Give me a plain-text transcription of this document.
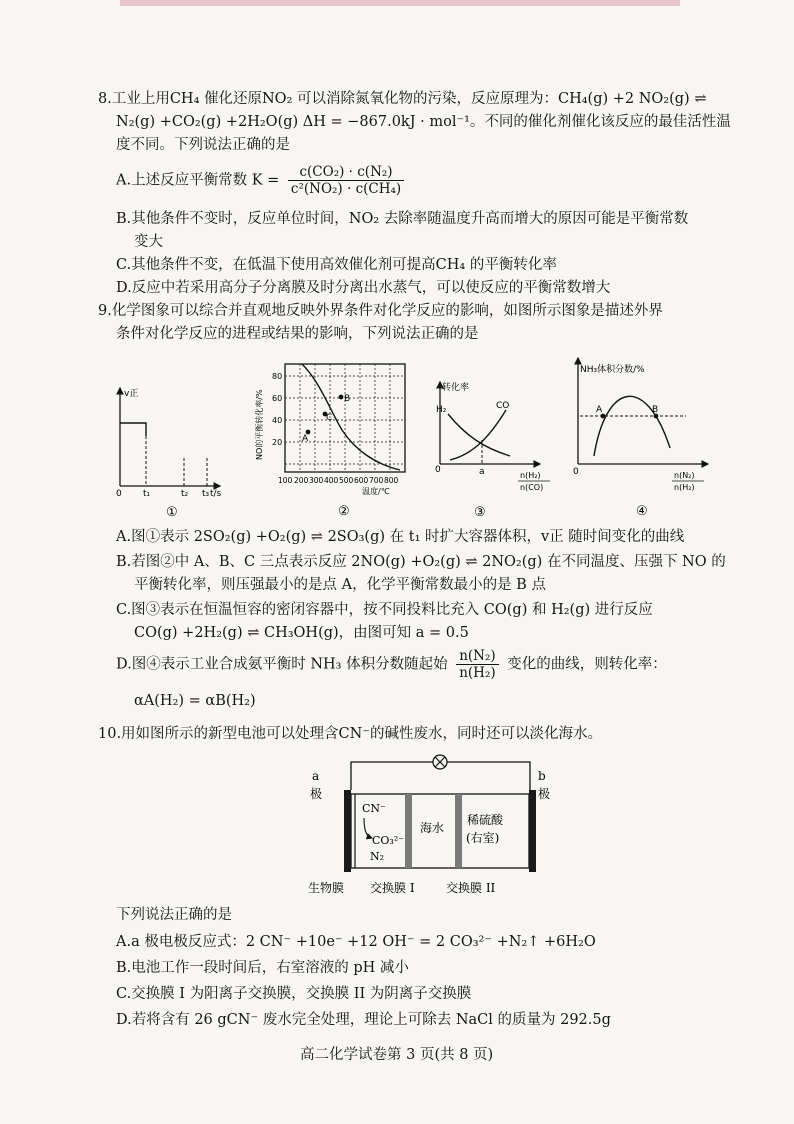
8.工业上用CH₄ 催化还原NO₂ 可以消除氮氧化物的污染，反应原理为：CH₄(g) +2 NO₂(g) ⇌
N₂(g) +CO₂(g) +2H₂O(g) ΔH = −867.0kJ · mol⁻¹。不同的催化剂催化该反应的最佳活性温
度不同。下列说法正确的是
A.上述反应平衡常数 $K = \frac{\text{c(CO₂) · c(N₂)}}{\text{c²(NO₂) · c(CH₄)}}$
B.其他条件不变时，反应单位时间，NO₂ 去除率随温度升高而增大的原因可能是平衡常数
变大
C.其他条件不变，在低温下使用高效催化剂可提高CH₄ 的平衡转化率
D.反应中若采用高分子分离膜及时分离出水蒸气，可以使反应的平衡常数增大
9.化学图象可以综合并直观地反映外界条件对化学反应的影响，如图所示图象是描述外界
条件对化学反应的进程或结果的影响，下列说法正确的是
v正
0 t₁	t₂ t₃ t/s
①
A
B
C
80
60
40
20
NO的平衡转化率/%
100 200 300 400 500 600 700 800
温度/℃
②
转化率
H₂	CO
0	a	n(H₂)
n(CO)
③
NH₃体积分数/%
A	B
0	n(N₂)
n(H₂)
④
A.图①表示 2SO₂(g) +O₂(g) ⇌ 2SO₃(g) 在 t₁ 时扩大容器体积，v正 随时间变化的曲线
B.若图②中 A、B、C 三点表示反应 2NO(g) +O₂(g) ⇌ 2NO₂(g) 在不同温度、压强下 NO 的
平衡转化率，则压强最小的是点 A，化学平衡常数最小的是 B 点
C.图③表示在恒温恒容的密闭容器中，按不同投料比充入 CO(g) 和 H₂(g) 进行反应
CO(g) +2H₂(g) ⇌ CH₃OH(g)，由图可知 a = 0.5
D.图④表示工业合成氨平衡时 NH₃ 体积分数随起始 $\frac{\text{n(N₂)}}{\text{n(H₂)}}$ 变化的曲线，则转化率：
αA(H₂) = αB(H₂)
10.用如图所示的新型电池可以处理含CN⁻的碱性废水，同时还可以淡化海水。
a
极
b
极
CN⁻
CO₃²⁻
N₂
海水
稀硫酸
(右室)
生物膜 交换膜 I	交换膜 II
下列说法正确的是
A.a 极电极反应式：2 CN⁻ +10e⁻ +12 OH⁻ = 2 CO₃²⁻ +N₂↑ +6H₂O
B.电池工作一段时间后，右室溶液的 pH 减小
C.交换膜 I 为阳离子交换膜，交换膜 II 为阴离子交换膜
D.若将含有 26 gCN⁻ 废水完全处理，理论上可除去 NaCl 的质量为 292.5g
高二化学试卷第 3 页(共 8 页)
